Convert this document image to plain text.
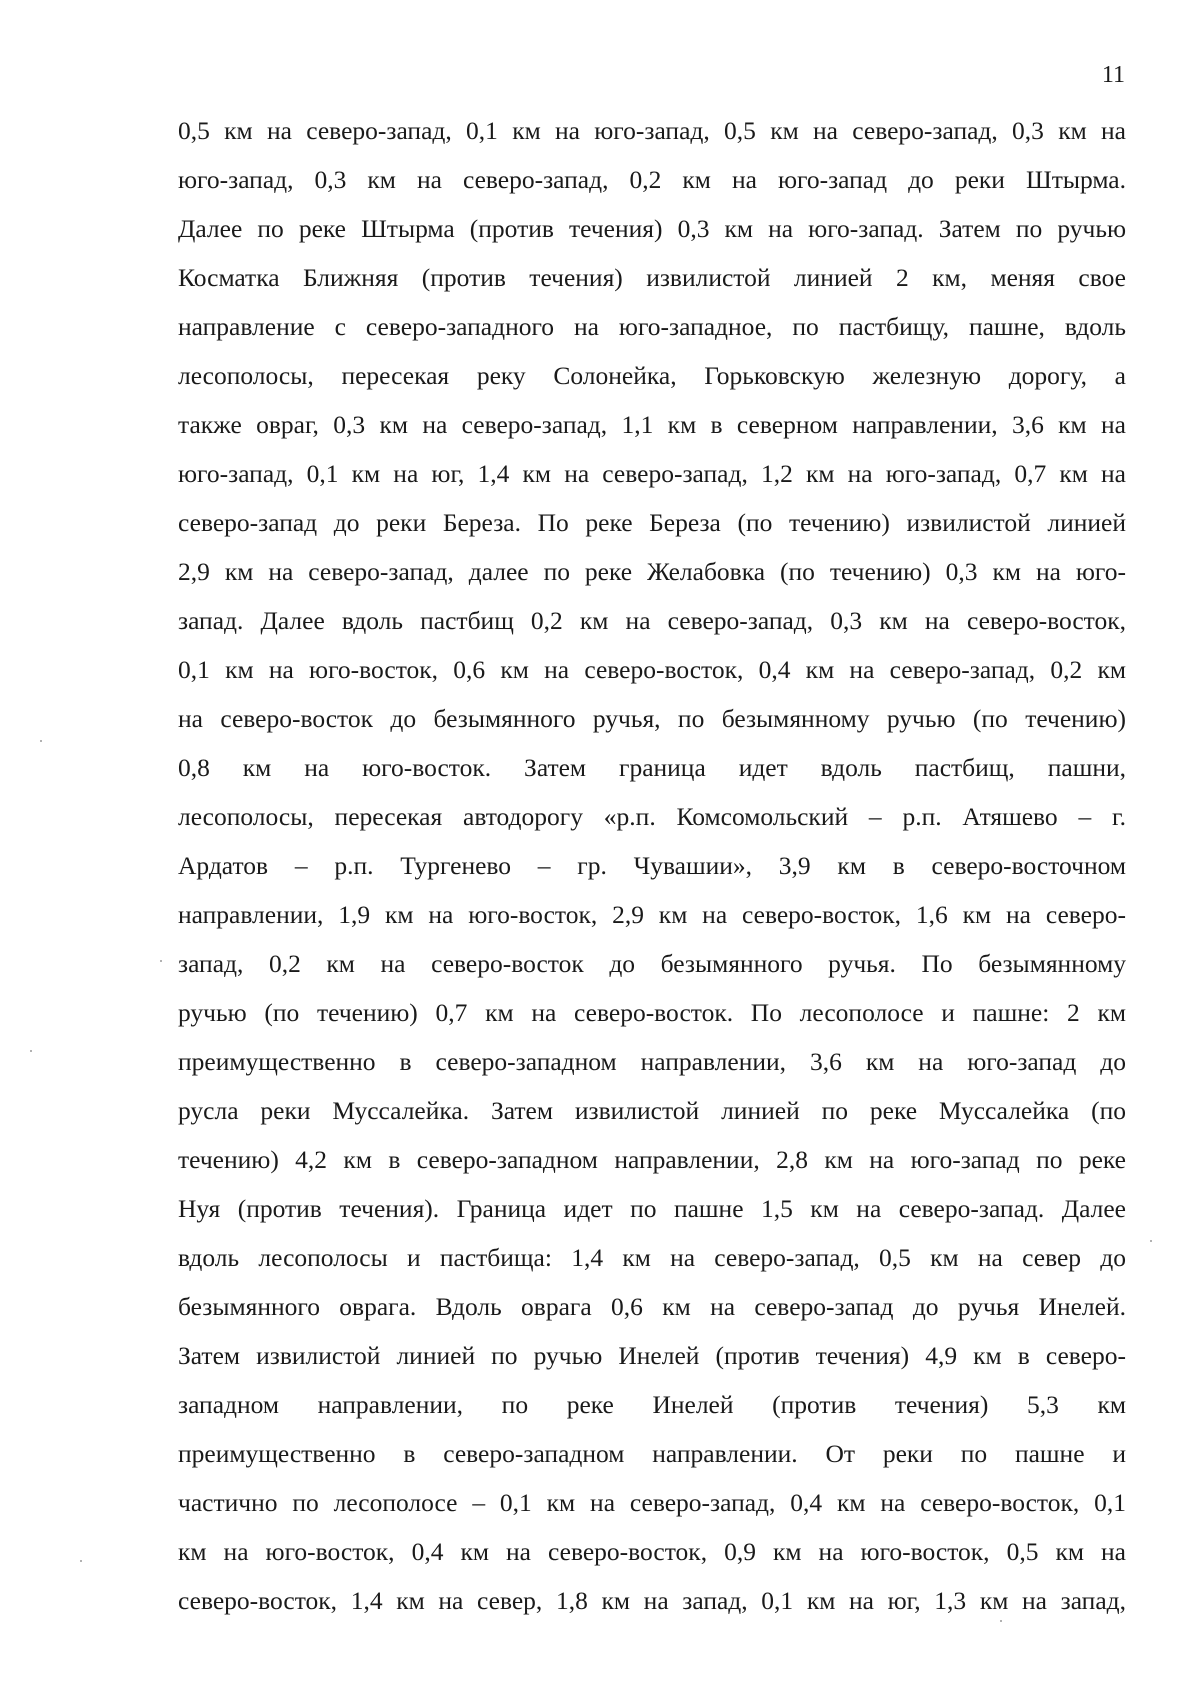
11
0,5 км на северо-запад, 0,1 км на юго-запад, 0,5 км на северо-запад, 0,3 км на
юго-запад, 0,3 км на северо-запад, 0,2 км на юго-запад до реки Штырма.
Далее по реке Штырма (против течения) 0,3 км на юго-запад. Затем по ручью
Косматка Ближняя (против течения) извилистой линией 2 км, меняя свое
направление с северо-западного на юго-западное, по пастбищу, пашне, вдоль
лесополосы, пересекая реку Солонейка, Горьковскую железную дорогу, а
также овраг, 0,3 км на северо-запад, 1,1 км в северном направлении, 3,6 км на
юго-запад, 0,1 км на юг, 1,4 км на северо-запад, 1,2 км на юго-запад, 0,7 км на
северо-запад до реки Береза. По реке Береза (по течению) извилистой линией
2,9 км на северо-запад, далее по реке Желабовка (по течению) 0,3 км на юго-
запад. Далее вдоль пастбищ 0,2 км на северо-запад, 0,3 км на северо-восток,
0,1 км на юго-восток, 0,6 км на северо-восток, 0,4 км на северо-запад, 0,2 км
на северо-восток до безымянного ручья, по безымянному ручью (по течению)
0,8 км на юго-восток. Затем граница идет вдоль пастбищ, пашни,
лесополосы, пересекая автодорогу «р.п. Комсомольский – р.п. Атяшево – г.
Ардатов – р.п. Тургенево – гр. Чувашии», 3,9 км в северо-восточном
направлении, 1,9 км на юго-восток, 2,9 км на северо-восток, 1,6 км на северо-
запад, 0,2 км на северо-восток до безымянного ручья. По безымянному
ручью (по течению) 0,7 км на северо-восток. По лесополосе и пашне: 2 км
преимущественно в северо-западном направлении, 3,6 км на юго-запад до
русла реки Муссалейка. Затем извилистой линией по реке Муссалейка (по
течению) 4,2 км в северо-западном направлении, 2,8 км на юго-запад по реке
Нуя (против течения). Граница идет по пашне 1,5 км на северо-запад. Далее
вдоль лесополосы и пастбища: 1,4 км на северо-запад, 0,5 км на север до
безымянного оврага. Вдоль оврага 0,6 км на северо-запад до ручья Инелей.
Затем извилистой линией по ручью Инелей (против течения) 4,9 км в северо-
западном направлении, по реке Инелей (против течения) 5,3 км
преимущественно в северо-западном направлении. От реки по пашне и
частично по лесополосе – 0,1 км на северо-запад, 0,4 км на северо-восток, 0,1
км на юго-восток, 0,4 км на северо-восток, 0,9 км на юго-восток, 0,5 км на
северо-восток, 1,4 км на север, 1,8 км на запад, 0,1 км на юг, 1,3 км на запад,
